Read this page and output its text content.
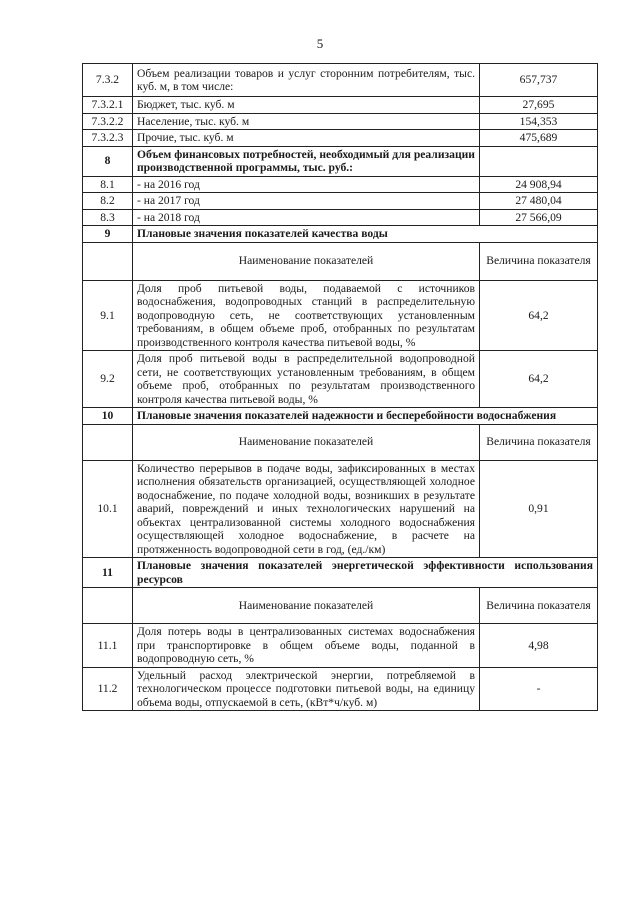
5
7.3.2	Объем реализации товаров и услуг сторонним потребителям, тыс. куб. м, в том числе:	657,737
7.3.2.1	Бюджет, тыс. куб. м	27,695
7.3.2.2	Население, тыс. куб. м	154,353
7.3.2.3	Прочие, тыс. куб. м	475,689
8	Объем финансовых потребностей, необходимый для реализации производственной программы, тыс. руб.:	
8.1	- на 2016 год	24 908,94
8.2	- на 2017 год	27 480,04
8.3	- на 2018 год	27 566,09
9	Плановые значения показателей качества воды	
	Наименование показателей	Величина показателя
9.1	Доля проб питьевой воды, подаваемой с источников водоснабжения, водопроводных станций в распределительную водопроводную сеть, не соответствующих установленным требованиям, в общем объеме проб, отобранных по результатам производственного контроля качества питьевой воды, %	64,2
9.2	Доля проб питьевой воды в распределительной водопроводной сети, не соответствующих установленным требованиям, в общем объеме проб, отобранных по результатам производственного контроля качества питьевой воды, %	64,2
10	Плановые значения показателей надежности и бесперебойности водоснабжения	
	Наименование показателей	Величина показателя
10.1	Количество перерывов в подаче воды, зафиксированных в местах исполнения обязательств организацией, осуществляющей холодное водоснабжение, по подаче холодной воды, возникших в результате аварий, повреждений и иных технологических нарушений на объектах централизованной системы холодного водоснабжения осуществляющей холодное водоснабжение, в расчете на протяженность водопроводной сети в год, (ед./км)	0,91
11	Плановые значения показателей энергетической эффективности использования ресурсов	
	Наименование показателей	Величина показателя
11.1	Доля потерь воды в централизованных системах водоснабжения при транспортировке в общем объеме воды, поданной в водопроводную сеть, %	4,98
11.2	Удельный расход электрической энергии, потребляемой в технологическом процессе подготовки питьевой воды, на единицу объема воды, отпускаемой в сеть, (кВт*ч/куб. м)	-
